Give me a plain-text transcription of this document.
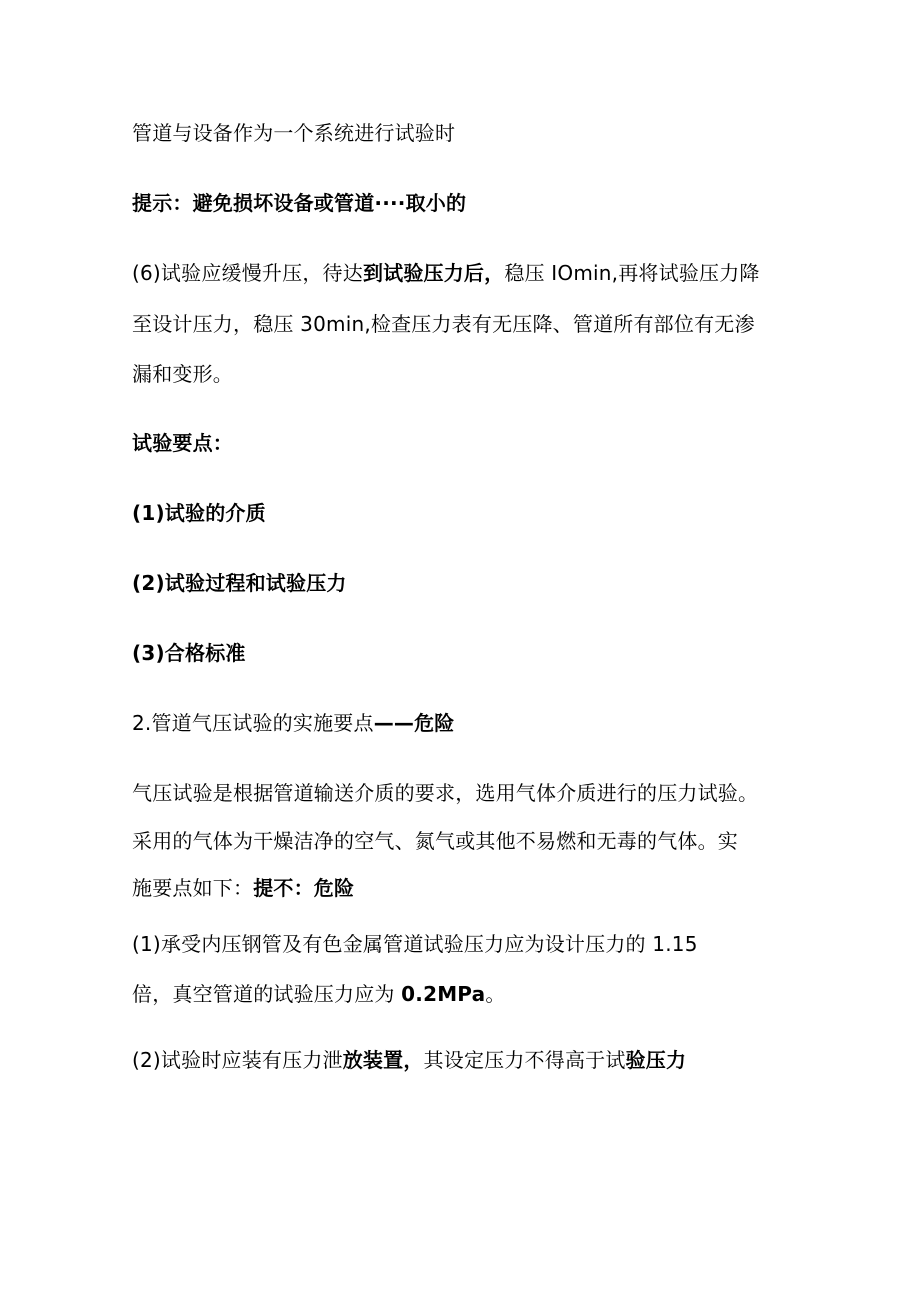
管道与设备作为一个系统进行试验时
提示：避免损坏设备或管道····取小的
(6)试验应缓慢升压，待达到试验压力后，稳压 IOmin,再将试验压力降
至设计压力，稳压 30min,检查压力表有无压降、管道所有部位有无渗
漏和变形。
试验要点：
(1)试验的介质
(2)试验过程和试验压力
(3)合格标准
2.管道气压试验的实施要点——危险
气压试验是根据管道输送介质的要求，选用气体介质进行的压力试验。
采用的气体为干燥洁净的空气、氮气或其他不易燃和无毒的气体。实
施要点如下：提不：危险
(1)承受内压钢管及有色金属管道试验压力应为设计压力的 1.15
倍，真空管道的试验压力应为 0.2MPa。
(2)试验时应装有压力泄放装置，其设定压力不得高于试验压力
